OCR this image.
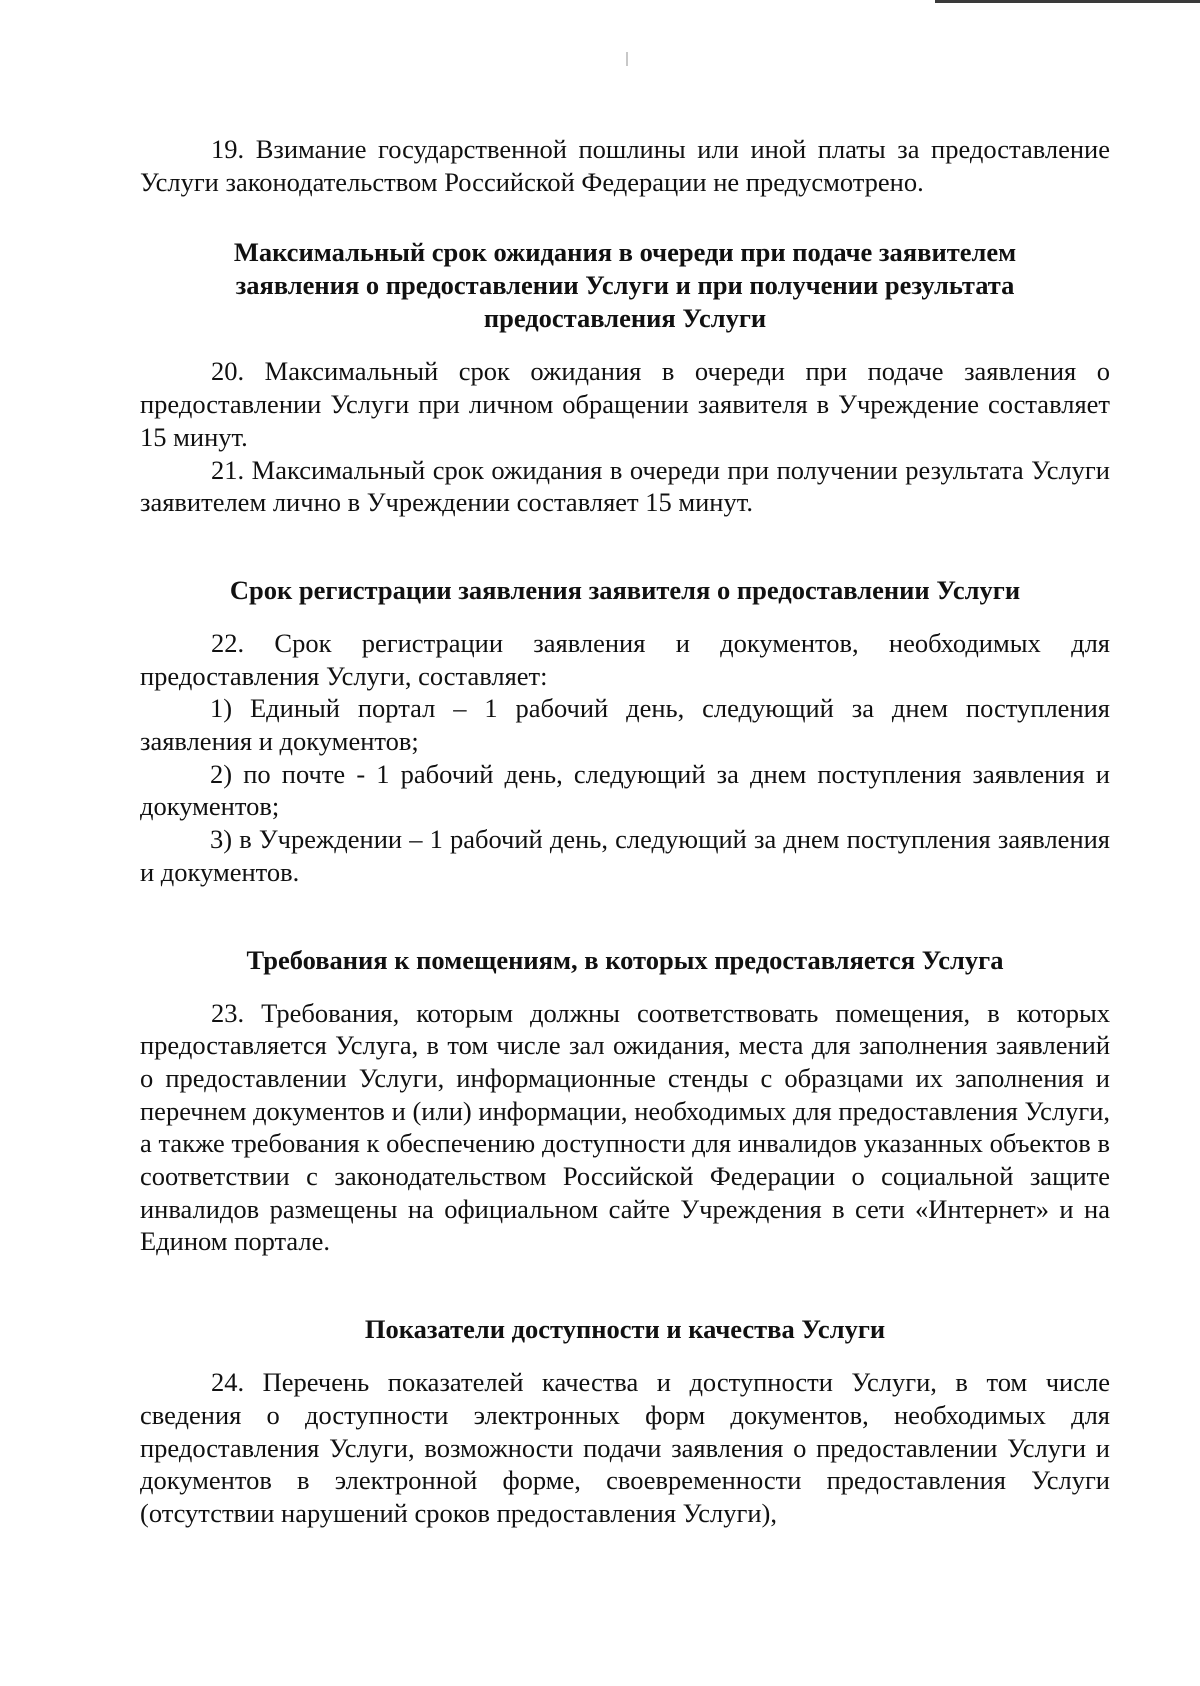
19. Взимание государственной пошлины или иной платы за предоставление Услуги законодательством Российской Федерации не предусмотрено.

Максимальный срок ожидания в очереди при подаче заявителем заявления о предоставлении Услуги и при получении результата предоставления Услуги

20. Максимальный срок ожидания в очереди при подаче заявления о предоставлении Услуги при личном обращении заявителя в Учреждение составляет 15 минут.

21. Максимальный срок ожидания в очереди при получении результата Услуги заявителем лично в Учреждении составляет 15 минут.

Срок регистрации заявления заявителя о предоставлении Услуги

22. Срок регистрации заявления и документов, необходимых для предоставления Услуги, составляет:

1) Единый портал – 1 рабочий день, следующий за днем поступления заявления и документов;

2) по почте - 1 рабочий день, следующий за днем поступления заявления и документов;

3) в Учреждении – 1 рабочий день, следующий за днем поступления заявления и документов.

Требования к помещениям, в которых предоставляется Услуга

23. Требования, которым должны соответствовать помещения, в которых предоставляется Услуга, в том числе зал ожидания, места для заполнения заявлений о предоставлении Услуги, информационные стенды с образцами их заполнения и перечнем документов и (или) информации, необходимых для предоставления Услуги, а также требования к обеспечению доступности для инвалидов указанных объектов в соответствии с законодательством Российской Федерации о социальной защите инвалидов размещены на официальном сайте Учреждения в сети «Интернет» и на Едином портале.

Показатели доступности и качества Услуги

24. Перечень показателей качества и доступности Услуги, в том числе сведения о доступности электронных форм документов, необходимых для предоставления Услуги, возможности подачи заявления о предоставлении Услуги и документов в электронной форме, своевременности предоставления Услуги (отсутствии нарушений сроков предоставления Услуги),
